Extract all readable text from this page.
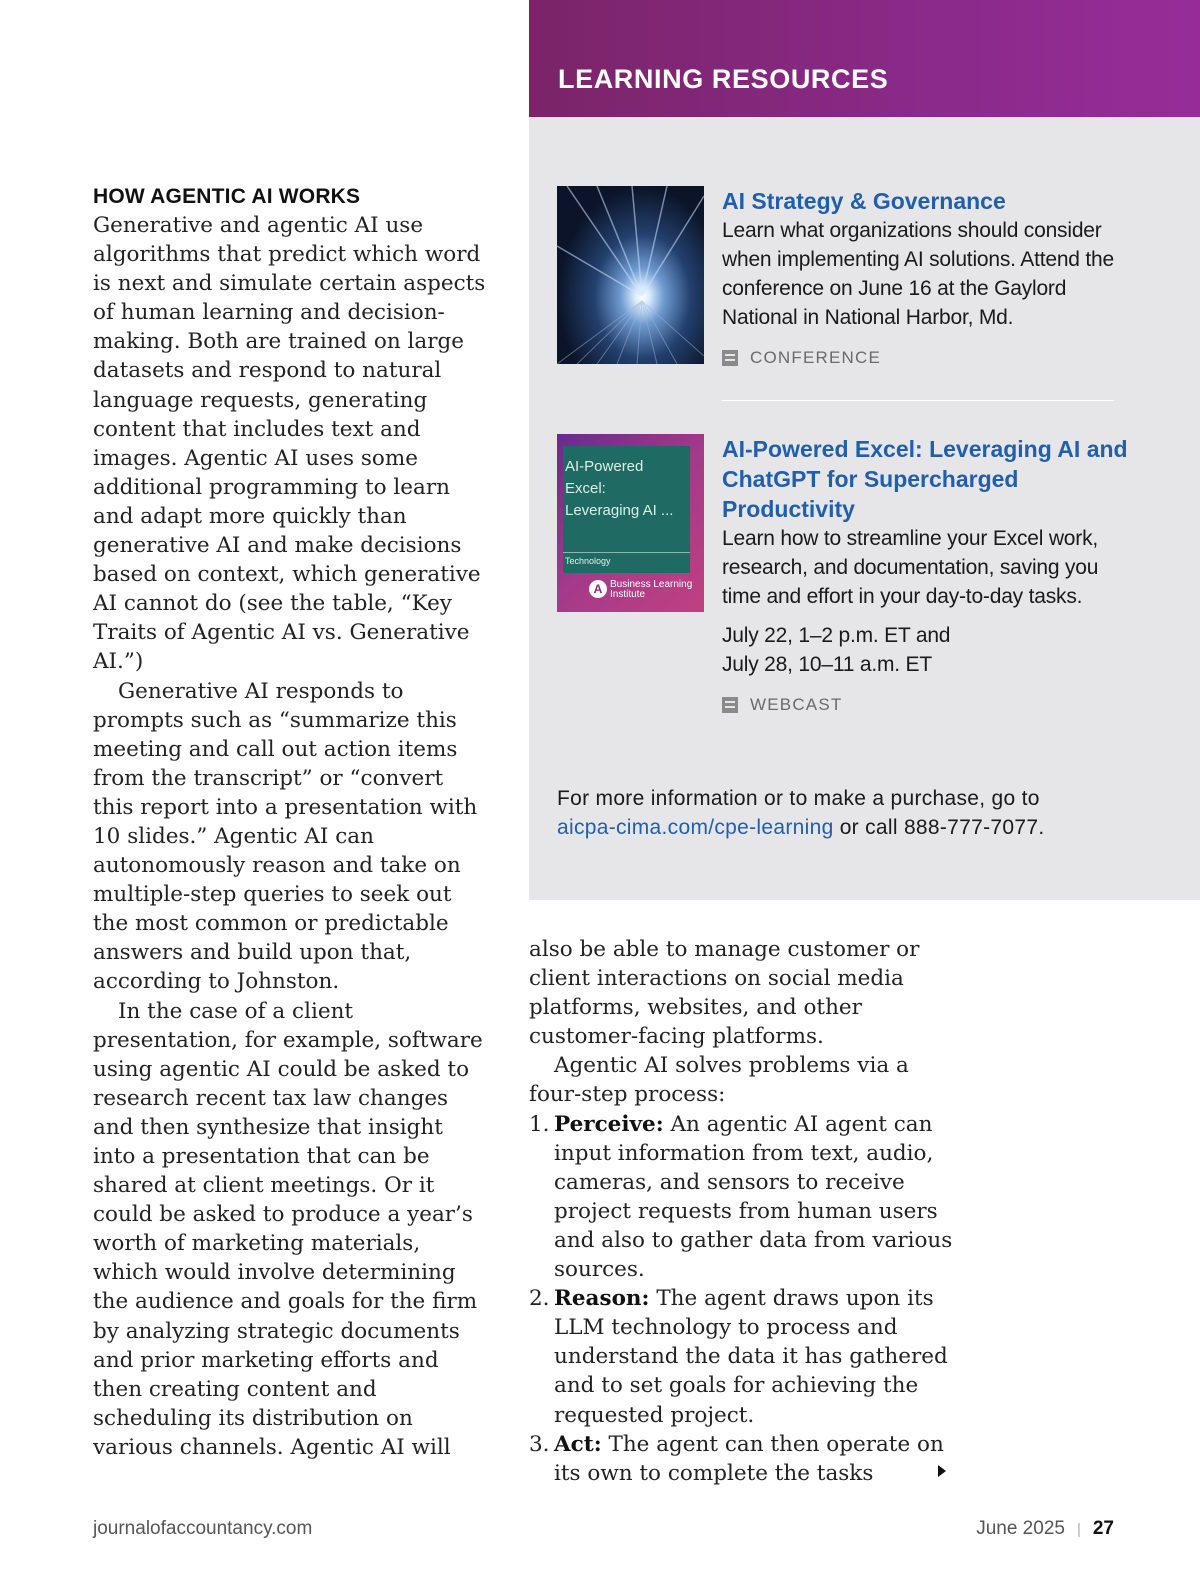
HOW AGENTIC AI WORKS

Generative and agentic AI use algorithms that predict which word is next and simulate certain aspects of human learning and decision-making. Both are trained on large datasets and respond to natural language requests, generating content that includes text and images. Agentic AI uses some additional programming to learn and adapt more quickly than generative AI and make decisions based on context, which generative AI cannot do (see the table, “Key Traits of Agentic AI vs. Generative AI.”)

Generative AI responds to prompts such as “summarize this meeting and call out action items from the transcript” or “convert this report into a presentation with 10 slides.” Agentic AI can autonomously reason and take on multiple-step queries to seek out the most common or predictable answers and build upon that, according to Johnston.

In the case of a client presentation, for example, software using agentic AI could be asked to research recent tax law changes and then synthesize that insight into a presentation that can be shared at client meetings. Or it could be asked to produce a year’s worth of marketing materials, which would involve determining the audience and goals for the firm by analyzing strategic documents and prior marketing efforts and then creating content and scheduling its distribution on various channels. Agentic AI will

LEARNING RESOURCES
AI Strategy & Governance
Learn what organizations should consider when implementing AI solutions. Attend the conference on June 16 at the Gaylord National in National Harbor, Md.
CONFERENCE
AI-Powered Excel: Leveraging AI ...
Technology
A Business Learning Institute
AI-Powered Excel: Leveraging AI and ChatGPT for Supercharged Productivity
Learn how to streamline your Excel work, research, and documentation, saving you time and effort in your day-to-day tasks.
July 22, 1–2 p.m. ET and
July 28, 10–11 a.m. ET
WEBCAST
For more information or to make a purchase, go to
aicpa-cima.com/cpe-learning or call 888-777-7077.

also be able to manage customer or client interactions on social media platforms, websites, and other customer-facing platforms.

Agentic AI solves problems via a four-step process:

1. Perceive: An agentic AI agent can input information from text, audio, cameras, and sensors to receive project requests from human users and also to gather data from various sources.
2. Reason: The agent draws upon its LLM technology to process and understand the data it has gathered and to set goals for achieving the requested project.
3. Act: The agent can then operate on its own to complete the tasks
journalofaccountancy.com	June 2025 | 27
